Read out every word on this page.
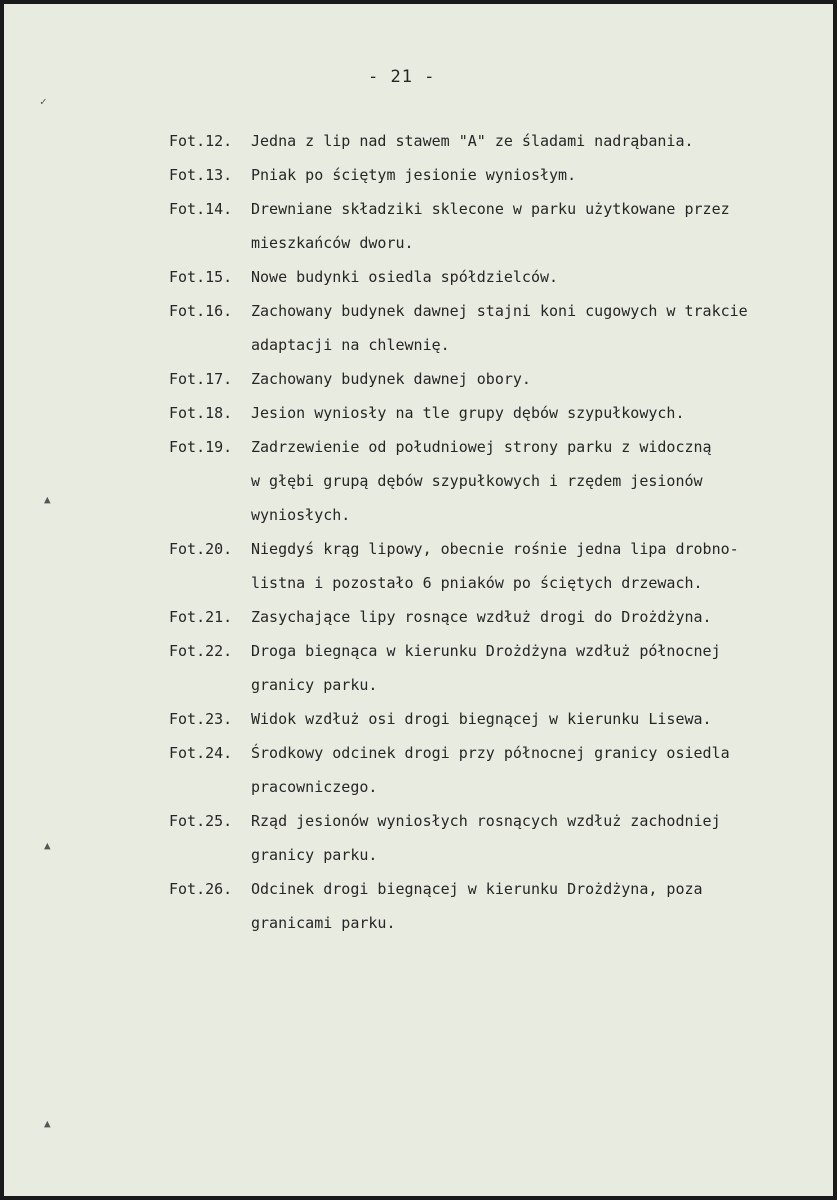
- 21 -
Fot.12.	Jedna z lip nad stawem "A" ze śladami nadrąbania.
Fot.13.	Pniak po ściętym jesionie wyniosłym.
Fot.14.	Drewniane składziki sklecone w parku użytkowane przez
mieszkańców dworu.
Fot.15.	Nowe budynki osiedla spółdzielców.
Fot.16.	Zachowany budynek dawnej stajni koni cugowych w trakcie
adaptacji na chlewnię.
Fot.17.	Zachowany budynek dawnej obory.
Fot.18.	Jesion wyniosły na tle grupy dębów szypułkowych.
Fot.19.	Zadrzewienie od południowej strony parku z widoczną
w głębi grupą dębów szypułkowych i rzędem jesionów
wyniosłych.
Fot.20.	Niegdyś krąg lipowy, obecnie rośnie jedna lipa drobno-
listna i pozostało 6 pniaków po ściętych drzewach.
Fot.21.	Zasychające lipy rosnące wzdłuż drogi do Drożdżyna.
Fot.22.	Droga biegnąca w kierunku Drożdżyna wzdłuż północnej
granicy parku.
Fot.23.	Widok wzdłuż osi drogi biegnącej w kierunku Lisewa.
Fot.24.	Środkowy odcinek drogi przy północnej granicy osiedla
pracowniczego.
Fot.25.	Rząd jesionów wyniosłych rosnących wzdłuż zachodniej
granicy parku.
Fot.26.	Odcinek drogi biegnącej w kierunku Drożdżyna, poza
granicami parku.
✓
▲
▲
▲
